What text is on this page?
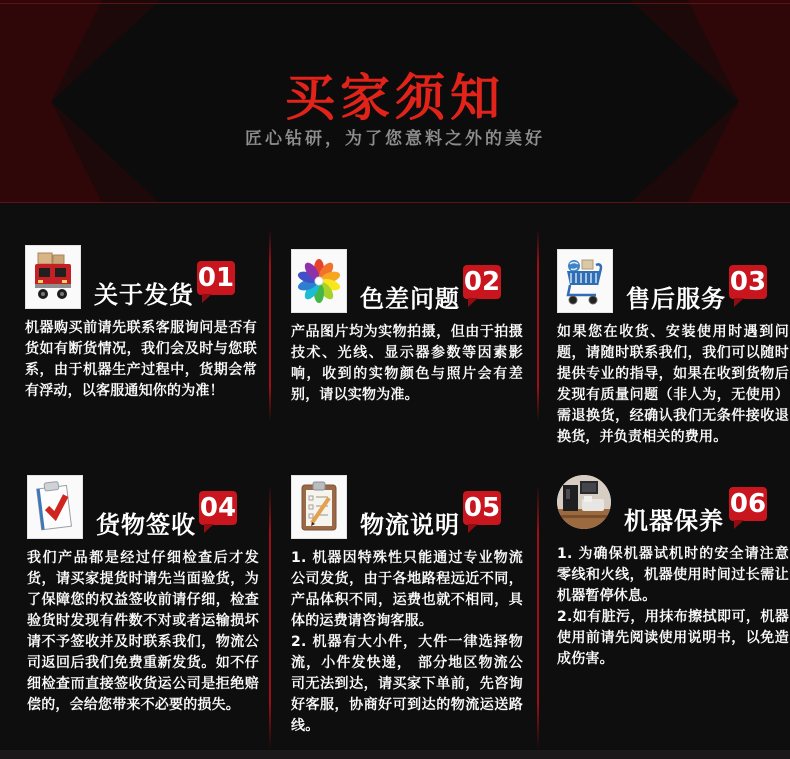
买家须知

匠心钻研，为了您意料之外的美好

关于发货
01

机器购买前请先联系客服询问是否有货如有断货情况，我们会及时与您联系，由于机器生产过程中，货期会常有浮动，以客服通知你的为准！

色差问题
02

产品图片均为实物拍摄，但由于拍摄技术、光线、显示器参数等因素影响，收到的实物颜色与照片会有差别，请以实物为准。

售后服务
03

如果您在收货、安装使用时遇到问题，请随时联系我们，我们可以随时提供专业的指导，如果在收到货物后发现有质量问题（非人为，无使用）需退换货，经确认我们无条件接收退换货，并负责相关的费用。

货物签收
04

我们产品都是经过仔细检查后才发货，请买家提货时请先当面验货，为了保障您的权益签收前请仔细，检查验货时发现有件数不对或者运输损坏请不予签收并及时联系我们，物流公司返回后我们免费重新发货。如不仔细检查而直接签收货运公司是拒绝赔偿的，会给您带来不必要的损失。

物流说明
05

1. 机器因特殊性只能通过专业物流公司发货，由于各地路程远近不同，产品体积不同，运费也就不相同，具体的运费请咨询客服。

2. 机器有大小件，大件一律选择物流，小件发快递， 部分地区物流公司无法到达，请买家下单前，先咨询好客服，协商好可到达的物流运送路线。

机器保养
06

1. 为确保机器试机时的安全请注意零线和火线，机器使用时间过长需让机器暂停休息。

2.如有脏污，用抹布擦拭即可，机器使用前请先阅读使用说明书，以免造成伤害。
